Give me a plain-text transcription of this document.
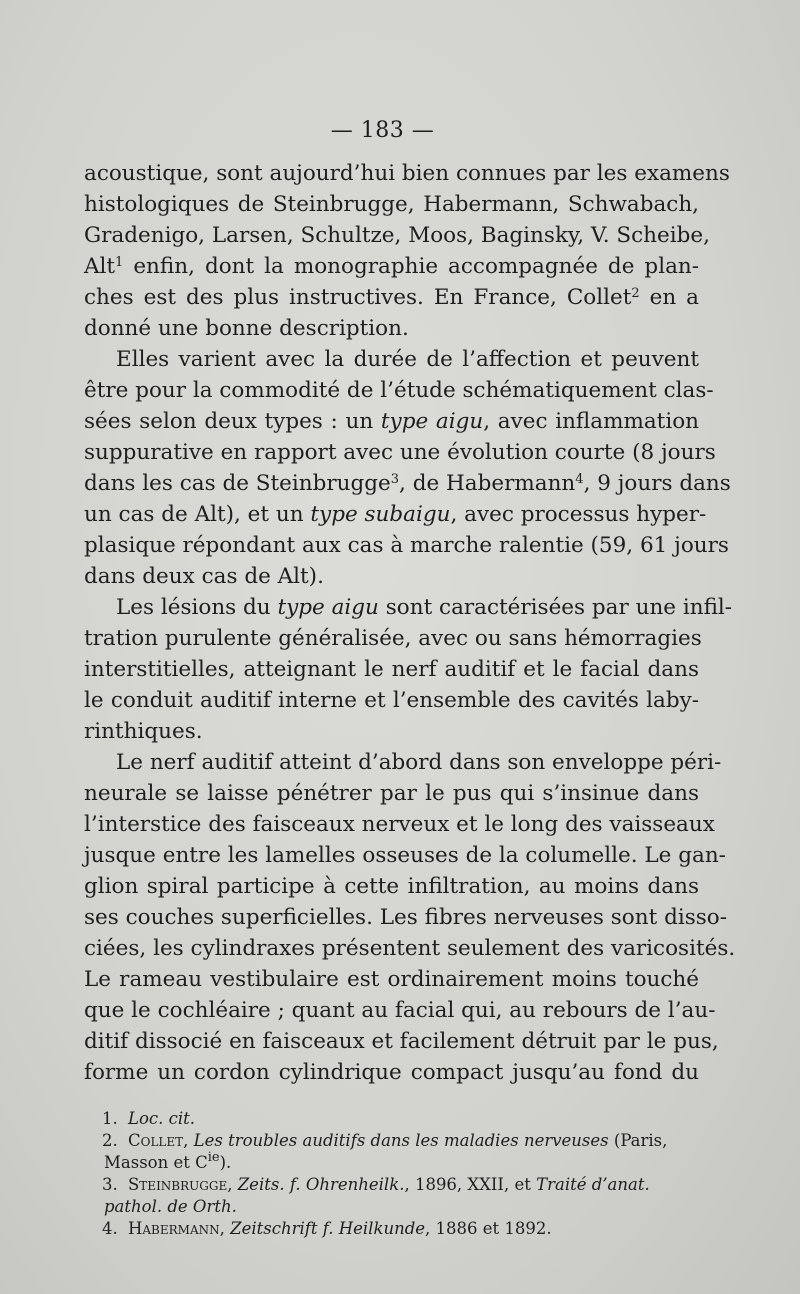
— 183 —
acoustique, sont aujourd’hui bien connues par les examens
histologiques de Steinbrugge, Habermann, Schwabach,
Gradenigo, Larsen, Schultze, Moos, Baginsky, V. Scheibe,
Alt$^1$ enfin, dont la monographie accompagnée de plan-
ches est des plus instructives. En France, Collet$^2$ en a
donné une bonne description.
Elles varient avec la durée de l’affection et peuvent
être pour la commodité de l’étude schématiquement clas-
sées selon deux types : un type aigu, avec inflammation
suppurative en rapport avec une évolution courte (8 jours
dans les cas de Steinbrugge$^3$, de Habermann$^4$, 9 jours dans
un cas de Alt), et un type subaigu, avec processus hyper-
plasique répondant aux cas à marche ralentie (59, 61 jours
dans deux cas de Alt).
Les lésions du type aigu sont caractérisées par une infil-
tration purulente généralisée, avec ou sans hémorragies
interstitielles, atteignant le nerf auditif et le facial dans
le conduit auditif interne et l’ensemble des cavités laby-
rinthiques.
Le nerf auditif atteint d’abord dans son enveloppe péri-
neurale se laisse pénétrer par le pus qui s’insinue dans
l’interstice des faisceaux nerveux et le long des vaisseaux
jusque entre les lamelles osseuses de la columelle. Le gan-
glion spiral participe à cette infiltration, au moins dans
ses couches superficielles. Les fibres nerveuses sont disso-
ciées, les cylindraxes présentent seulement des varicosités.
Le rameau vestibulaire est ordinairement moins touché
que le cochléaire ; quant au facial qui, au rebours de l’au-
ditif dissocié en faisceaux et facilement détruit par le pus,
forme un cordon cylindrique compact jusqu’au fond du
1. Loc. cit.
2. Collet, Les troubles auditifs dans les maladies nerveuses (Paris,
Masson et $C^{ie}$).
3. Steinbrugge, Zeits. f. Ohrenheilk., 1896, XXII, et Traité d’anat.
pathol. de Orth.
4. Habermann, Zeitschrift f. Heilkunde, 1886 et 1892.
